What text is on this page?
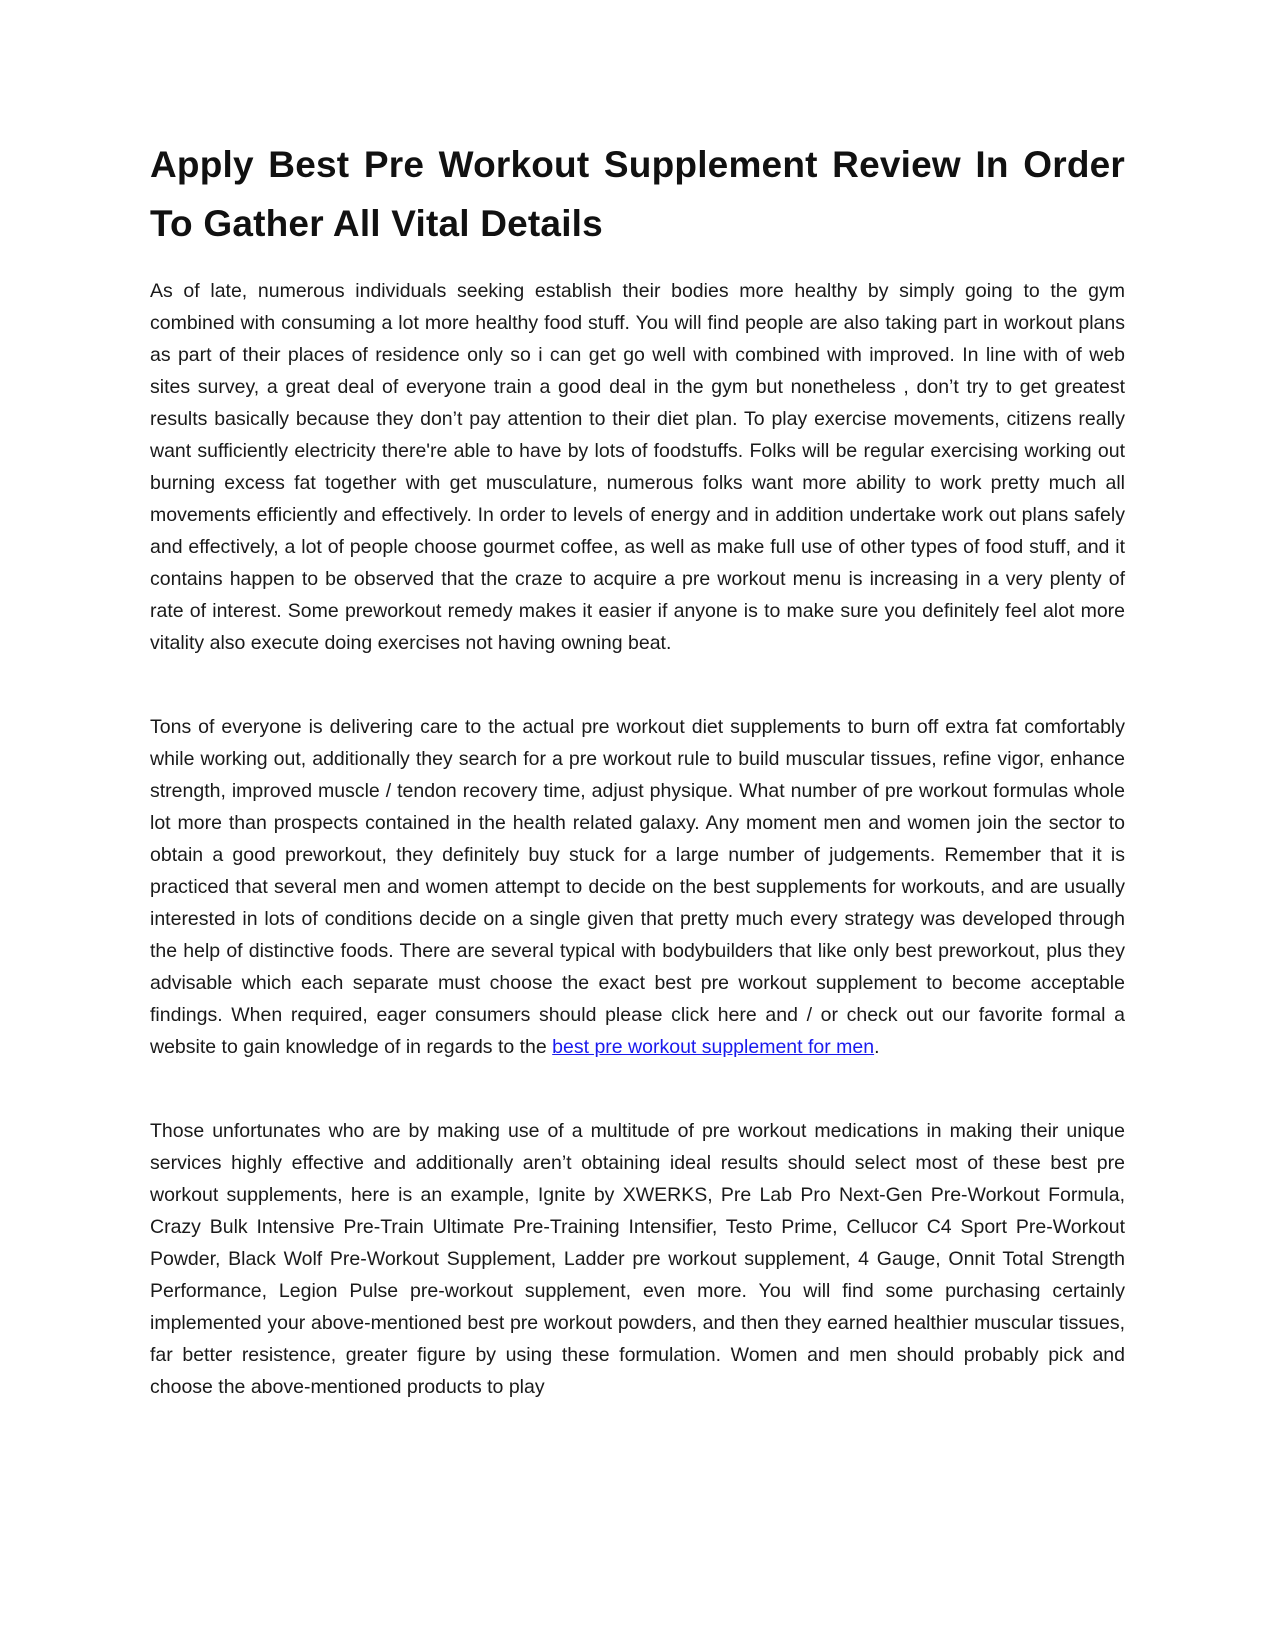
Apply Best Pre Workout Supplement Review In Order To Gather All Vital Details

As of late, numerous individuals seeking establish their bodies more healthy by simply going to the gym combined with consuming a lot more healthy food stuff. You will find people are also taking part in workout plans as part of their places of residence only so i can get go well with combined with improved. In line with of web sites survey, a great deal of everyone train a good deal in the gym but nonetheless , don’t try to get greatest results basically because they don’t pay attention to their diet plan. To play exercise movements, citizens really want sufficiently electricity there're able to have by lots of foodstuffs. Folks will be regular exercising working out burning excess fat together with get musculature, numerous folks want more ability to work pretty much all movements efficiently and effectively. In order to levels of energy and in addition undertake work out plans safely and effectively, a lot of people choose gourmet coffee, as well as make full use of other types of food stuff, and it contains happen to be observed that the craze to acquire a pre workout menu is increasing in a very plenty of rate of interest. Some preworkout remedy makes it easier if anyone is to make sure you definitely feel alot more vitality also execute doing exercises not having owning beat.

Tons of everyone is delivering care to the actual pre workout diet supplements to burn off extra fat comfortably while working out, additionally they search for a pre workout rule to build muscular tissues, refine vigor, enhance strength, improved muscle / tendon recovery time, adjust physique. What number of pre workout formulas whole lot more than prospects contained in the health related galaxy. Any moment men and women join the sector to obtain a good preworkout, they definitely buy stuck for a large number of judgements. Remember that it is practiced that several men and women attempt to decide on the best supplements for workouts, and are usually interested in lots of conditions decide on a single given that pretty much every strategy was developed through the help of distinctive foods. There are several typical with bodybuilders that like only best preworkout, plus they advisable which each separate must choose the exact best pre workout supplement to become acceptable findings. When required, eager consumers should please click here and / or check out our favorite formal a website to gain knowledge of in regards to the best pre workout supplement for men.

Those unfortunates who are by making use of a multitude of pre workout medications in making their unique services highly effective and additionally aren’t obtaining ideal results should select most of these best pre workout supplements, here is an example, Ignite by XWERKS, Pre Lab Pro Next-Gen Pre-Workout Formula, Crazy Bulk Intensive Pre-Train Ultimate Pre-Training Intensifier, Testo Prime, Cellucor C4 Sport Pre-Workout Powder, Black Wolf Pre-Workout Supplement, Ladder pre workout supplement, 4 Gauge, Onnit Total Strength Performance, Legion Pulse pre-workout supplement, even more. You will find some purchasing certainly implemented your above-mentioned best pre workout powders, and then they earned healthier muscular tissues, far better resistence, greater figure by using these formulation. Women and men should probably pick and choose the above-mentioned products to play
